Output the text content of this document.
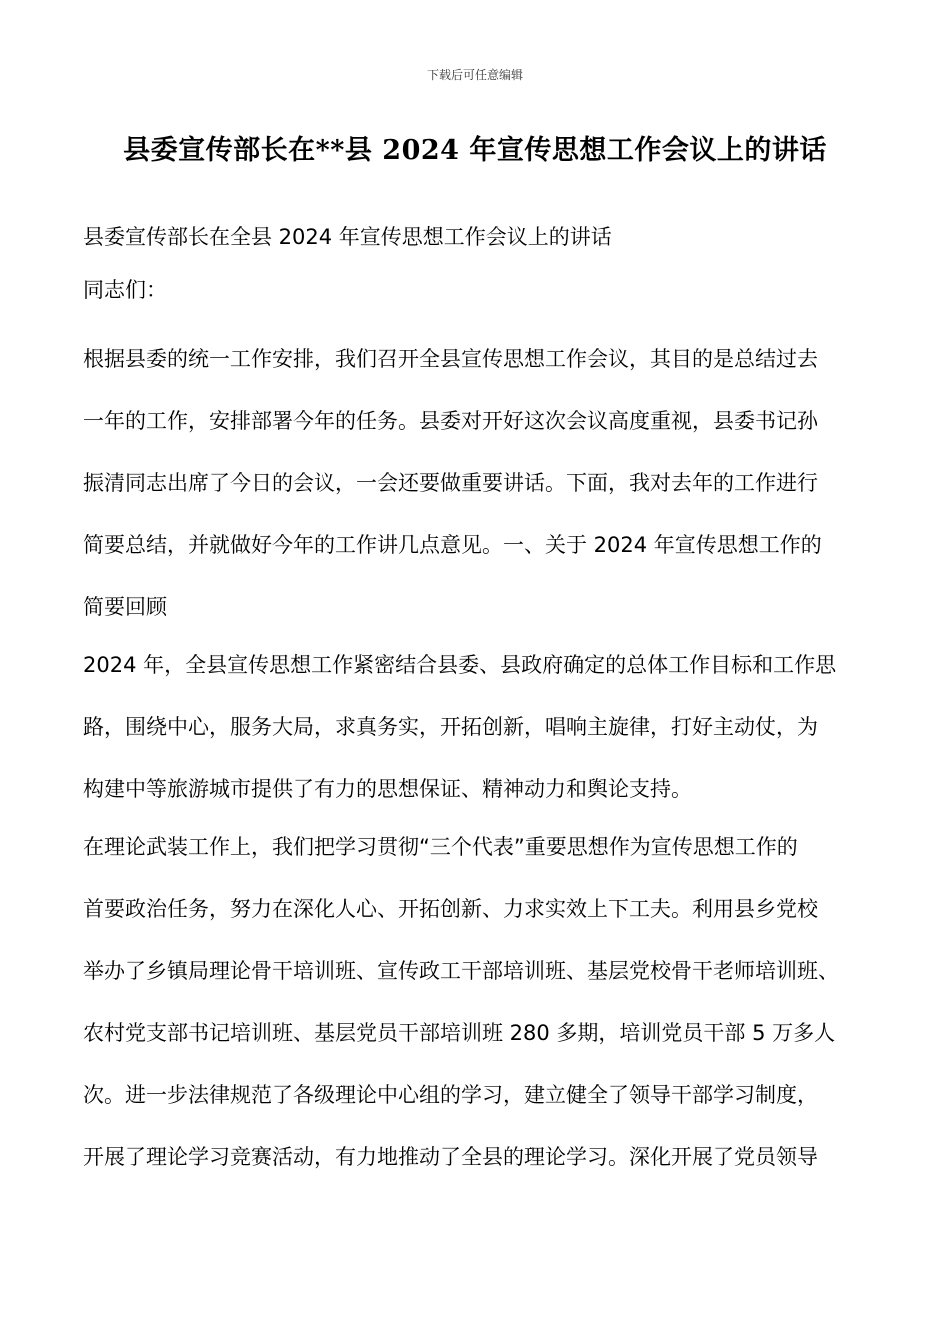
下载后可任意编辑
县委宣传部长在**县 2024 年宣传思想工作会议上的讲话
县委宣传部长在全县 2024 年宣传思想工作会议上的讲话
同志们：
根据县委的统一工作安排，我们召开全县宣传思想工作会议，其目的是总结过去
一年的工作，安排部署今年的任务。县委对开好这次会议高度重视，县委书记孙
振清同志出席了今日的会议，一会还要做重要讲话。下面，我对去年的工作进行
简要总结，并就做好今年的工作讲几点意见。一、关于 2024 年宣传思想工作的
简要回顾
2024 年，全县宣传思想工作紧密结合县委、县政府确定的总体工作目标和工作思
路，围绕中心，服务大局，求真务实，开拓创新，唱响主旋律，打好主动仗，为
构建中等旅游城市提供了有力的思想保证、精神动力和舆论支持。
在理论武装工作上，我们把学习贯彻“三个代表”重要思想作为宣传思想工作的
首要政治任务，努力在深化人心、开拓创新、力求实效上下工夫。利用县乡党校
举办了乡镇局理论骨干培训班、宣传政工干部培训班、基层党校骨干老师培训班、
农村党支部书记培训班、基层党员干部培训班 280 多期，培训党员干部 5 万多人
次。进一步法律规范了各级理论中心组的学习，建立健全了领导干部学习制度，
开展了理论学习竞赛活动，有力地推动了全县的理论学习。深化开展了党员领导
